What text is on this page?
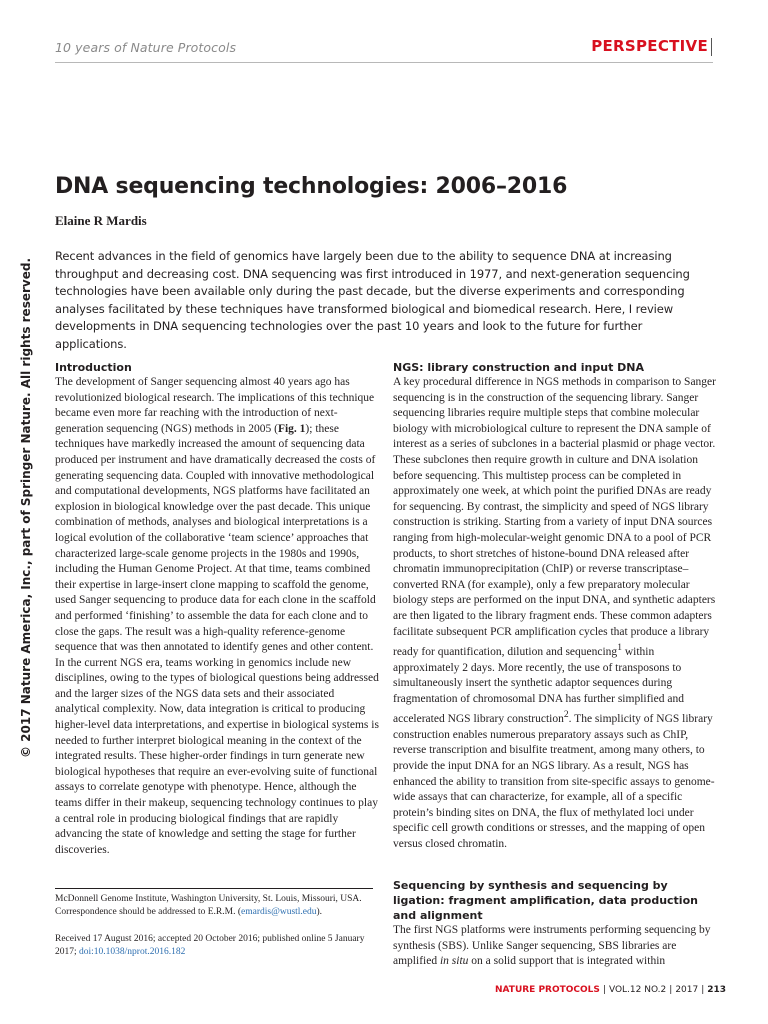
10 years of Nature Protocols	PERSPECTIVE
DNA sequencing technologies: 2006–2016
Elaine R Mardis
© 2017 Nature America, Inc., part of Springer Nature. All rights reserved.

Recent advances in the field of genomics have largely been due to the ability to sequence DNA at increasing throughput and decreasing cost. DNA sequencing was first introduced in 1977, and next-generation sequencing technologies have been available only during the past decade, but the diverse experiments and corresponding analyses facilitated by these techniques have transformed biological and biomedical research. Here, I review developments in DNA sequencing technologies over the past 10 years and look to the future for further applications.

Introduction

The development of Sanger sequencing almost 40 years ago has revolutionized biological research. The implications of this technique became even more far reaching with the introduction of next-generation sequencing (NGS) methods in 2005 (Fig. 1); these techniques have markedly increased the amount of sequencing data produced per instrument and have dramatically decreased the costs of generating sequencing data. Coupled with innovative methodological and computational developments, NGS platforms have facilitated an explosion in biological knowledge over the past decade. This unique combination of methods, analyses and biological interpretations is a logical evolution of the collaborative ‘team science’ approaches that characterized large-scale genome projects in the 1980s and 1990s, including the Human Genome Project. At that time, teams combined their expertise in large-insert clone mapping to scaffold the genome, used Sanger sequencing to produce data for each clone in the scaffold and performed ‘finishing’ to assemble the data for each clone and to close the gaps. The result was a high-quality reference-genome sequence that was then annotated to identify genes and other content. In the current NGS era, teams working in genomics include new disciplines, owing to the types of biological questions being addressed and the larger sizes of the NGS data sets and their associated analytical complexity. Now, data integration is critical to producing higher-level data interpretations, and expertise in biological systems is needed to further interpret biological meaning in the context of the integrated results. These higher-order findings in turn generate new biological hypotheses that require an ever-evolving suite of functional assays to correlate genotype with phenotype. Hence, although the teams differ in their makeup, sequencing technology continues to play a central role in producing biological findings that are rapidly advancing the state of knowledge and setting the stage for further discoveries.

NGS: library construction and input DNA

A key procedural difference in NGS methods in comparison to Sanger sequencing is in the construction of the sequencing library. Sanger sequencing libraries require multiple steps that combine molecular biology with microbiological culture to represent the DNA sample of interest as a series of subclones in a bacterial plasmid or phage vector. These subclones then require growth in culture and DNA isolation before sequencing. This multistep process can be completed in approximately one week, at which point the purified DNAs are ready for sequencing. By contrast, the simplicity and speed of NGS library construction is striking. Starting from a variety of input DNA sources ranging from high-molecular-weight genomic DNA to a pool of PCR products, to short stretches of histone-bound DNA released after chromatin immunoprecipitation (ChIP) or reverse transcriptase–converted RNA (for example), only a few preparatory molecular biology steps are performed on the input DNA, and synthetic adapters are then ligated to the library fragment ends. These common adapters facilitate subsequent PCR amplification cycles that produce a library ready for quantification, dilution and sequencing$^1$ within approximately 2 days. More recently, the use of transposons to simultaneously insert the synthetic adaptor sequences during fragmentation of chromosomal DNA has further simplified and accelerated NGS library construction$^2$. The simplicity of NGS library construction enables numerous preparatory assays such as ChIP, reverse transcription and bisulfite treatment, among many others, to provide the input DNA for an NGS library. As a result, NGS has enhanced the ability to transition from site-specific assays to genome-wide assays that can characterize, for example, all of a specific protein’s binding sites on DNA, the flux of methylated loci under specific cell growth conditions or stresses, and the mapping of open versus closed chromatin.

Sequencing by synthesis and sequencing by ligation: fragment amplification, data production and alignment

The first NGS platforms were instruments performing sequencing by synthesis (SBS). Unlike Sanger sequencing, SBS libraries are amplified in situ on a solid support that is integrated within

McDonnell Genome Institute, Washington University, St. Louis, Missouri, USA. Correspondence should be addressed to E.R.M. (emardis@wustl.edu).

Received 17 August 2016; accepted 20 October 2016; published online 5 January 2017; doi:10.1038/nprot.2016.182

NATURE PROTOCOLS | VOL.12 NO.2 | 2017 | 213
